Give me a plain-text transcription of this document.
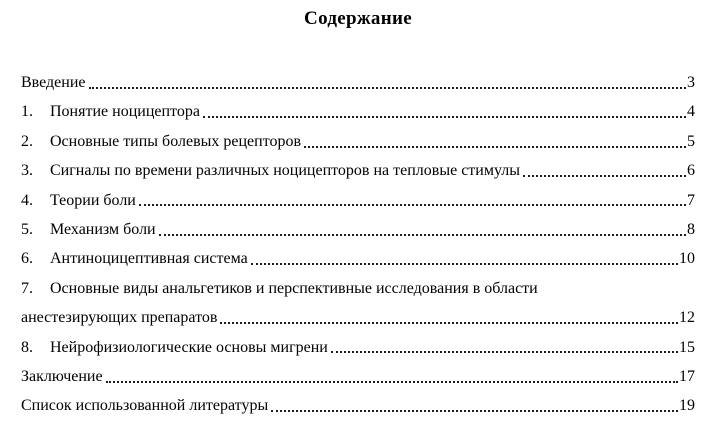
Содержание
Введение	3
1.	Понятие ноцицептора	4
2.	Основные типы болевых рецепторов	5
3.	Сигналы по времени различных ноцицепторов на тепловые стимулы	6
4.	Теории боли	7
5.	Механизм боли	8
6.	Антиноцицептивная система	10
7.	Основные виды анальгетиков и перспективные исследования в области
анестезирующих препаратов	12
8.	Нейрофизиологические основы мигрени	15
Заключение	17
Список использованной литературы	19
